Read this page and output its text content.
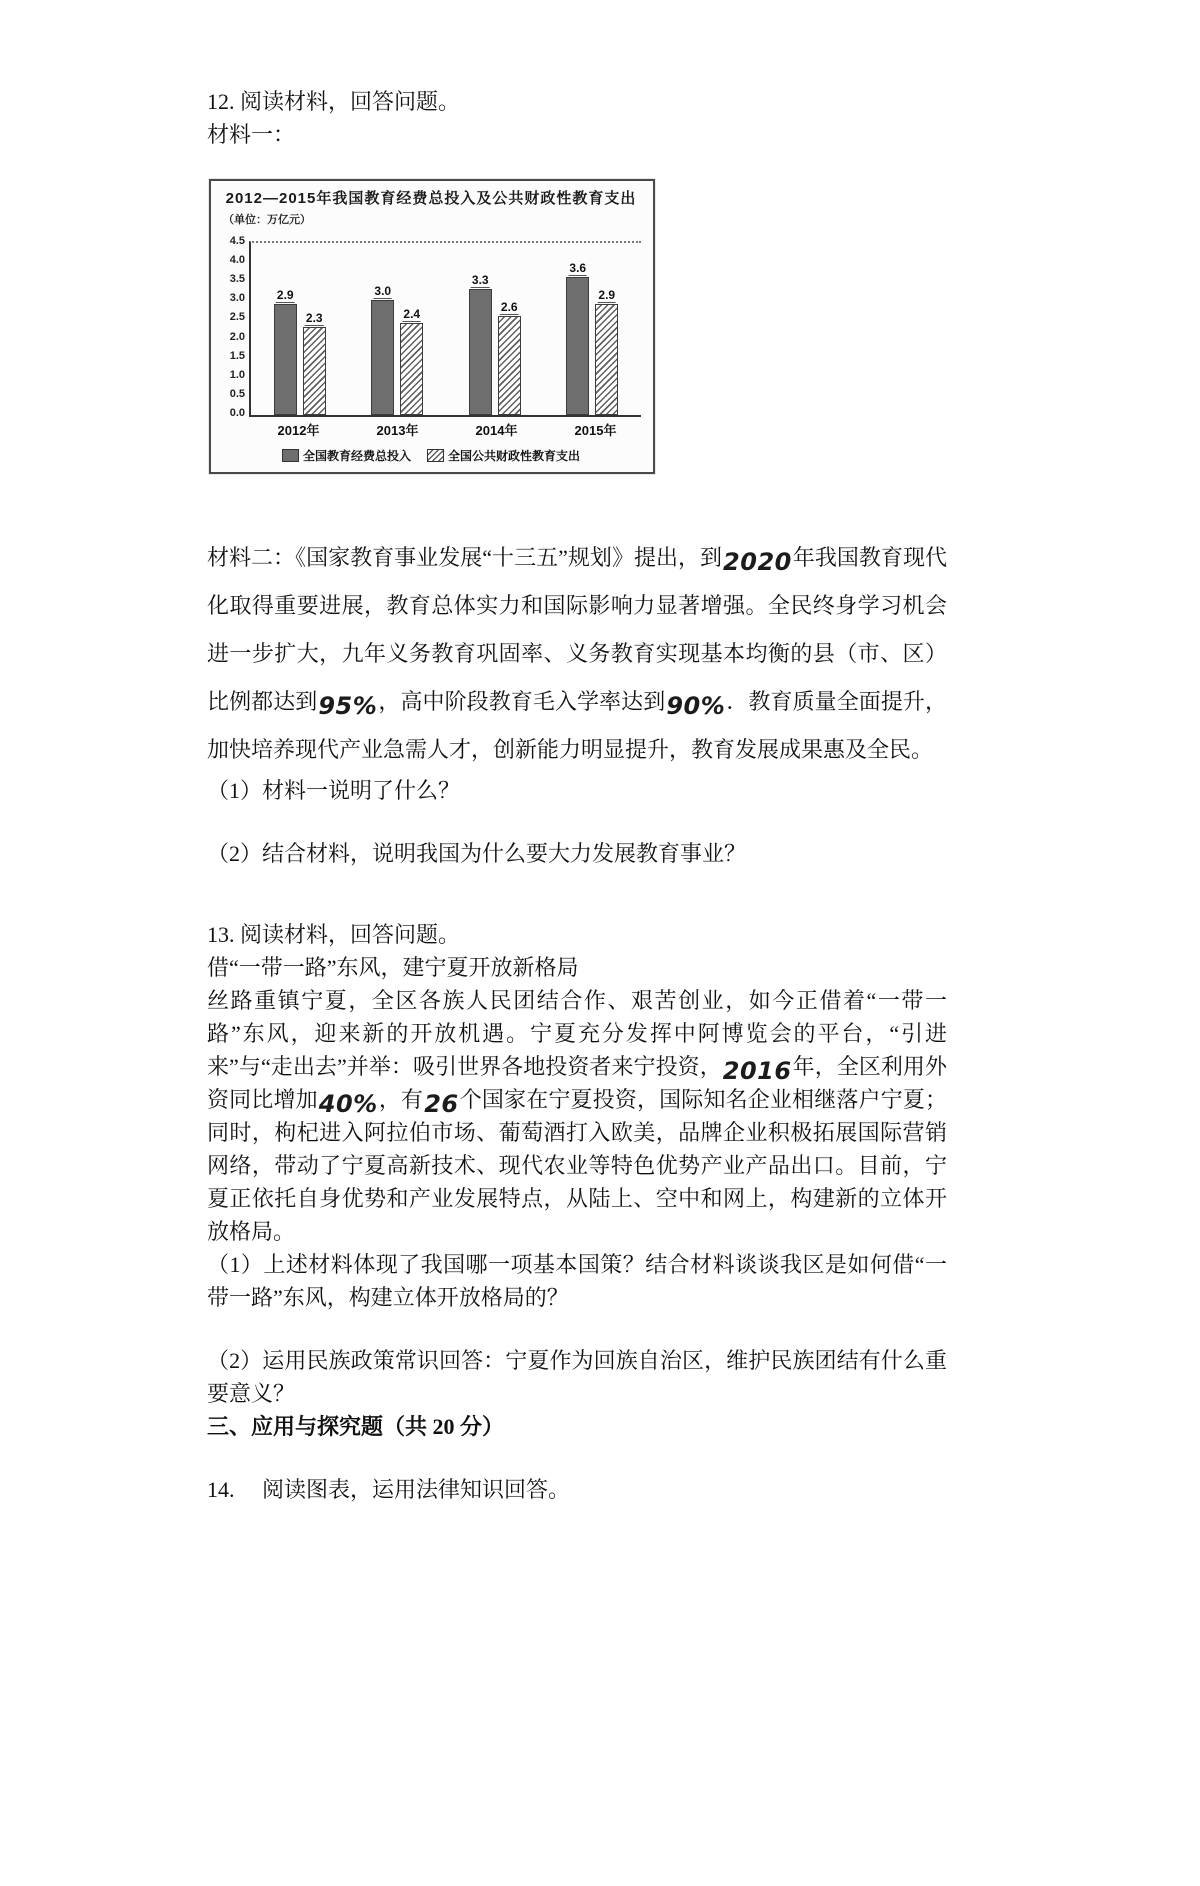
12. 阅读材料，回答问题。

材料一：

2012—2015年我国教育经费总投入及公共财政性教育支出
（单位：万亿元）
0.0
0.5
1.0
1.5
2.0
2.5
3.0
3.5
4.0
4.5
2.9
2.3
3.0
2.4
3.3
2.6
3.6
2.9
2012年	2013年	2014年	2015年
全国教育经费总投入	全国公共财政性教育支出

材料二：《国家教育事业发展“十三五”规划》提出，到2020年我国教育现代化取得重要进展，教育总体实力和国际影响力显著增强。全民终身学习机会进一步扩大，九年义务教育巩固率、义务教育实现基本均衡的县（市、区）比例都达到95%，高中阶段教育毛入学率达到90%．教育质量全面提升，加快培养现代产业急需人才，创新能力明显提升，教育发展成果惠及全民。

（1）材料一说明了什么？

（2）结合材料，说明我国为什么要大力发展教育事业？

13. 阅读材料，回答问题。

借“一带一路”东风，建宁夏开放新格局

丝路重镇宁夏，全区各族人民团结合作、艰苦创业，如今正借着“一带一路”东风，迎来新的开放机遇。宁夏充分发挥中阿博览会的平台，“引进来”与“走出去”并举：吸引世界各地投资者来宁投资，2016年，全区利用外资同比增加40%，有26个国家在宁夏投资，国际知名企业相继落户宁夏；同时，枸杞进入阿拉伯市场、葡萄酒打入欧美，品牌企业积极拓展国际营销网络，带动了宁夏高新技术、现代农业等特色优势产业产品出口。目前，宁夏正依托自身优势和产业发展特点，从陆上、空中和网上，构建新的立体开放格局。

（1）上述材料体现了我国哪一项基本国策？结合材料谈谈我区是如何借“一带一路”东风，构建立体开放格局的？

（2）运用民族政策常识回答：宁夏作为回族自治区，维护民族团结有什么重要意义？

三、应用与探究题（共 20 分）

14.　 阅读图表，运用法律知识回答。
